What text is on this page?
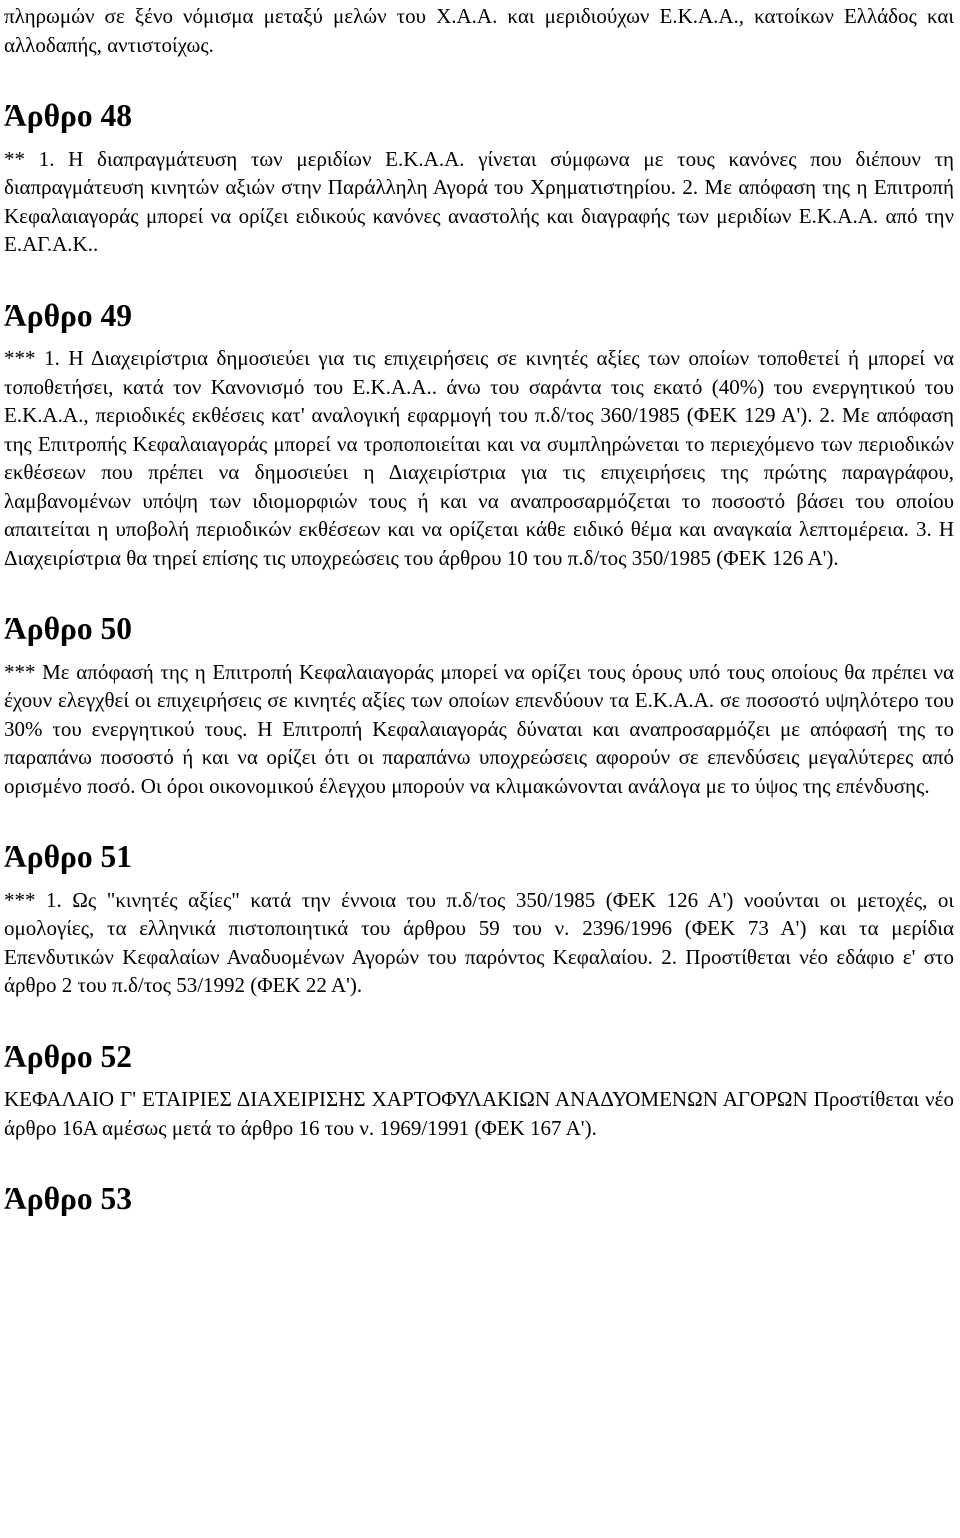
πληρωμών σε ξένο νόμισμα μεταξύ μελών του Χ.Α.Α. και μεριδιούχων Ε.Κ.Α.Α., κατοίκων Ελλάδος και αλλοδαπής, αντιστοίχως.

Άρθρο 48

** 1. Η διαπραγμάτευση των μεριδίων Ε.Κ.Α.Α. γίνεται σύμφωνα με τους κανόνες που διέπουν τη διαπραγμάτευση κινητών αξιών στην Παράλληλη Αγορά του Χρηματιστηρίου. 2. Με απόφαση της η Επιτροπή Κεφαλαιαγοράς μπορεί να ορίζει ειδικούς κανόνες αναστολής και διαγραφής των μεριδίων Ε.Κ.Α.Α. από την Ε.ΑΓ.Α.Κ..

Άρθρο 49

*** 1. Η Διαχειρίστρια δημοσιεύει για τις επιχειρήσεις σε κινητές αξίες των οποίων τοποθετεί ή μπορεί να τοποθετήσει, κατά τον Κανονισμό του Ε.Κ.Α.Α.. άνω του σαράντα τοις εκατό (40%) του ενεργητικού του Ε.Κ.Α.Α., περιοδικές εκθέσεις κατ' αναλογική εφαρμογή του π.δ/τος 360/1985 (ΦΕΚ 129 Α'). 2. Με απόφαση της Επιτροπής Κεφαλαιαγοράς μπορεί να τροποποιείται και να συμπληρώνεται το περιεχόμενο των περιοδικών εκθέσεων που πρέπει να δημοσιεύει η Διαχειρίστρια για τις επιχειρήσεις της πρώτης παραγράφου, λαμβανομένων υπόψη των ιδιομορφιών τους ή και να αναπροσαρμόζεται το ποσοστό βάσει του οποίου απαιτείται η υποβολή περιοδικών εκθέσεων και να ορίζεται κάθε ειδικό θέμα και αναγκαία λεπτομέρεια. 3. Η Διαχειρίστρια θα τηρεί επίσης τις υποχρεώσεις του άρθρου 10 του π.δ/τος 350/1985 (ΦΕΚ 126 Α').

Άρθρο 50

*** Με απόφασή της η Επιτροπή Κεφαλαιαγοράς μπορεί να ορίζει τους όρους υπό τους οποίους θα πρέπει να έχουν ελεγχθεί οι επιχειρήσεις σε κινητές αξίες των οποίων επενδύουν τα Ε.Κ.Α.Α. σε ποσοστό υψηλότερο του 30% του ενεργητικού τους. Η Επιτροπή Κεφαλαιαγοράς δύναται και αναπροσαρμόζει με απόφασή της το παραπάνω ποσοστό ή και να ορίζει ότι οι παραπάνω υποχρεώσεις αφορούν σε επενδύσεις μεγαλύτερες από ορισμένο ποσό. Οι όροι οικονομικού έλεγχου μπορούν να κλιμακώνονται ανάλογα με το ύψος της επένδυσης.

Άρθρο 51

*** 1. Ως "κινητές αξίες" κατά την έννοια του π.δ/τος 350/1985 (ΦΕΚ 126 Α') νοούνται οι μετοχές, οι ομολογίες, τα ελληνικά πιστοποιητικά του άρθρου 59 του ν. 2396/1996 (ΦΕΚ 73 Α') και τα μερίδια Επενδυτικών Κεφαλαίων Αναδυομένων Αγορών του παρόντος Κεφαλαίου. 2. Προστίθεται νέο εδάφιο ε' στο άρθρο 2 του π.δ/τος 53/1992 (ΦΕΚ 22 Α').

Άρθρο 52

ΚΕΦΑΛΑΙΟ Γ' ΕΤΑΙΡΙΕΣ ΔΙΑΧΕΙΡΙΣΗΣ ΧΑΡΤΟΦΥΛΑΚΙΩΝ ΑΝΑΔΥΟΜΕΝΩΝ ΑΓΟΡΩΝ Προστίθεται νέο άρθρο 16Α αμέσως μετά το άρθρο 16 του ν. 1969/1991 (ΦΕΚ 167 Α').

Άρθρο 53
